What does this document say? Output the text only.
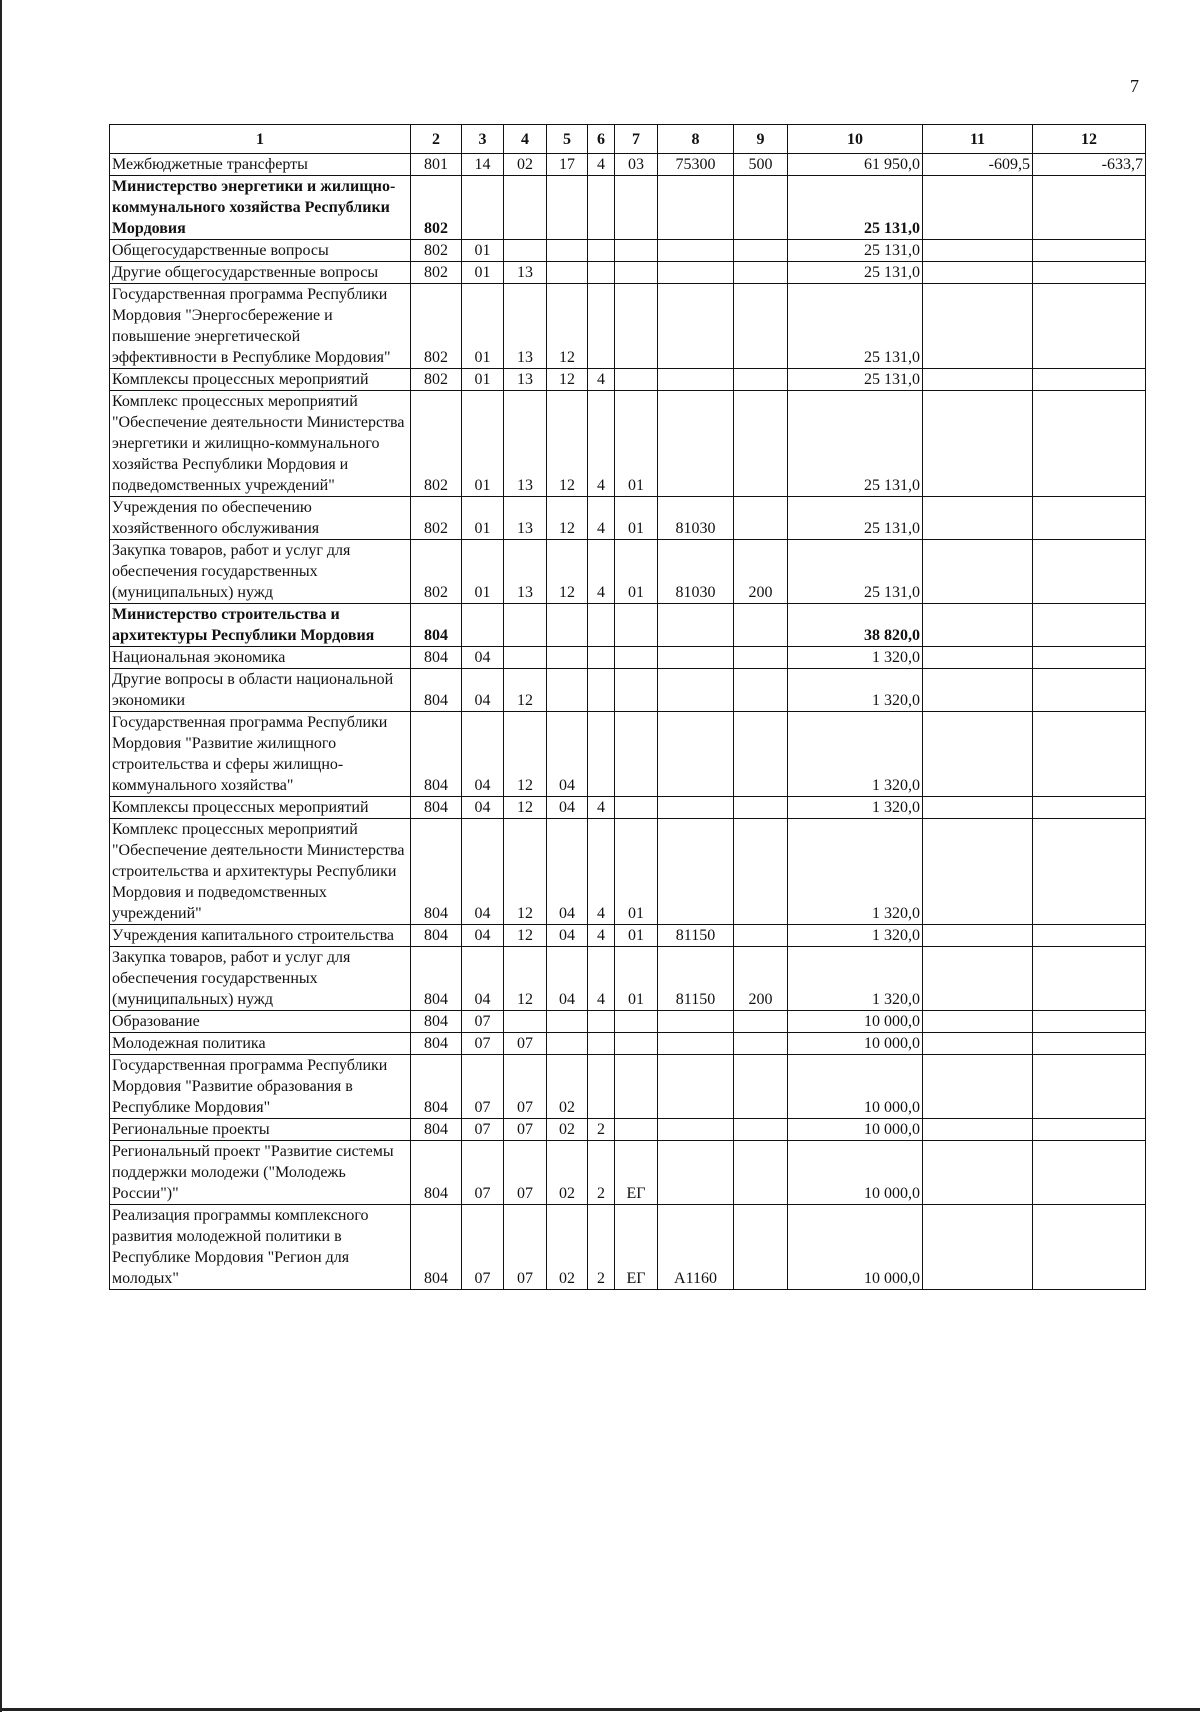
7
1	2	3	4	5	6	7	8	9	10	11	12
Межбюджетные трансферты	801	14	02	17	4	03	75300	500	61 950,0	-609,5	-633,7
Министерство энергетики и жилищно-коммунального хозяйства Республики Мордовия	802								25 131,0		
Общегосударственные вопросы	802	01							25 131,0		
Другие общегосударственные вопросы	802	01	13						25 131,0		
Государственная программа Республики Мордовия "Энергосбережение и повышение энергетической эффективности в Республике Мордовия"	802	01	13	12					25 131,0		
Комплексы процессных мероприятий	802	01	13	12	4				25 131,0		
Комплекс процессных мероприятий "Обеспечение деятельности Министерства энергетики и жилищно-коммунального хозяйства Республики Мордовия и подведомственных учреждений"	802	01	13	12	4	01			25 131,0		
Учреждения по обеспечению хозяйственного обслуживания	802	01	13	12	4	01	81030		25 131,0		
Закупка товаров, работ и услуг для обеспечения государственных (муниципальных) нужд	802	01	13	12	4	01	81030	200	25 131,0		
Министерство строительства и архитектуры Республики Мордовия	804								38 820,0		
Национальная экономика	804	04							1 320,0		
Другие вопросы в области национальной экономики	804	04	12						1 320,0		
Государственная программа Республики Мордовия "Развитие жилищного строительства и сферы жилищно-коммунального хозяйства"	804	04	12	04					1 320,0		
Комплексы процессных мероприятий	804	04	12	04	4				1 320,0		
Комплекс процессных мероприятий "Обеспечение деятельности Министерства строительства и архитектуры Республики Мордовия и подведомственных учреждений"	804	04	12	04	4	01			1 320,0		
Учреждения капитального строительства	804	04	12	04	4	01	81150		1 320,0		
Закупка товаров, работ и услуг для обеспечения государственных (муниципальных) нужд	804	04	12	04	4	01	81150	200	1 320,0		
Образование	804	07							10 000,0		
Молодежная политика	804	07	07						10 000,0		
Государственная программа Республики Мордовия "Развитие образования в Республике Мордовия"	804	07	07	02					10 000,0		
Региональные проекты	804	07	07	02	2				10 000,0		
Региональный проект "Развитие системы поддержки молодежи ("Молодежь России")"	804	07	07	02	2	ЕГ			10 000,0		
Реализация программы комплексного развития молодежной политики в Республике Мордовия "Регион для молодых"	804	07	07	02	2	ЕГ	А1160		10 000,0		
